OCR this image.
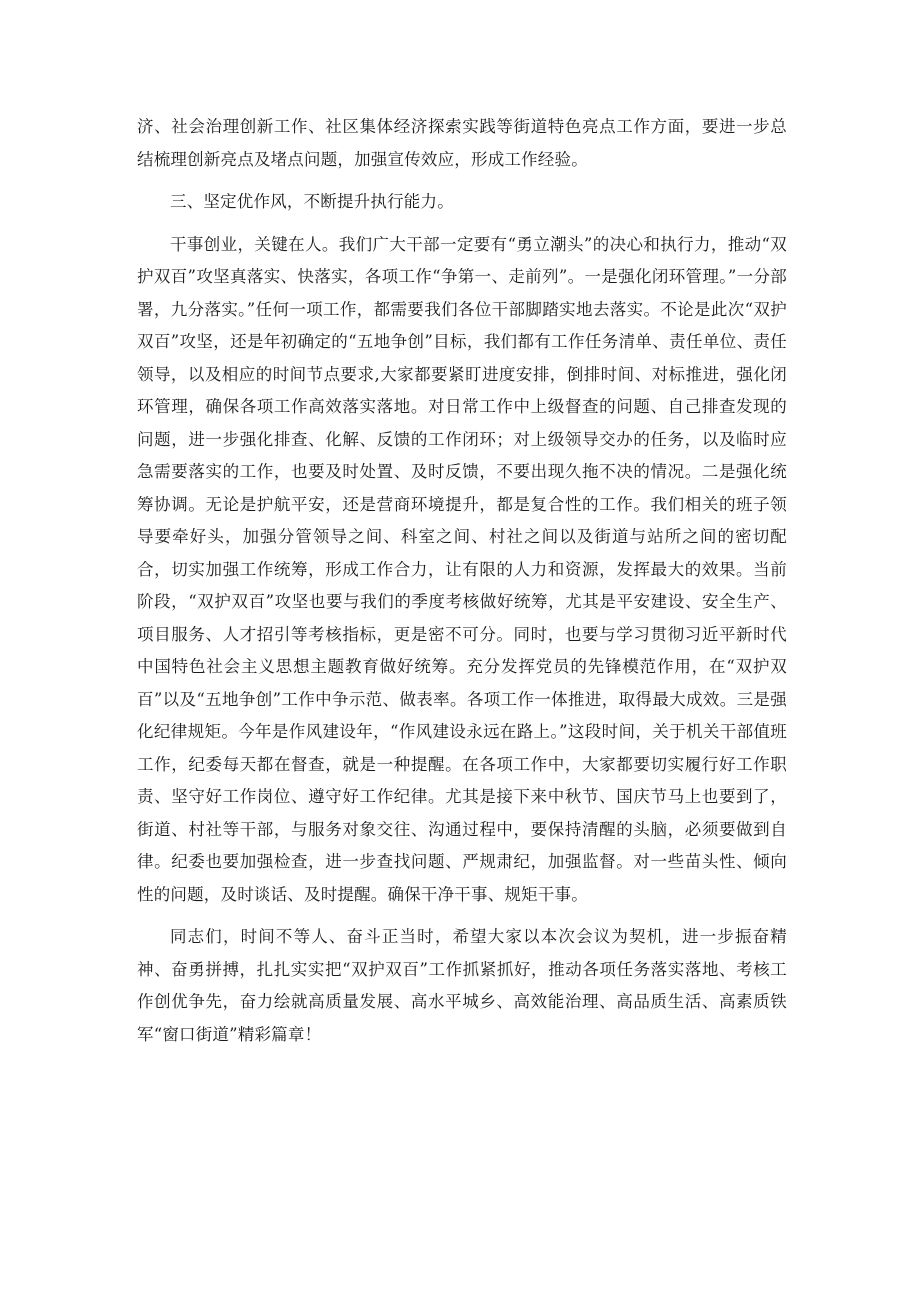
济、社会治理创新工作、社区集体经济探索实践等街道特色亮点工作方面，要进一步总结梳理创新亮点及堵点问题，加强宣传效应，形成工作经验。

三、坚定优作风，不断提升执行能力。

干事创业，关键在人。我们广大干部一定要有“勇立潮头”的决心和执行力，推动“双护双百”攻坚真落实、快落实，各项工作“争第一、走前列”。一是强化闭环管理。”一分部署，九分落实。”任何一项工作，都需要我们各位干部脚踏实地去落实。不论是此次“双护双百”攻坚，还是年初确定的“五地争创”目标，我们都有工作任务清单、责任单位、责任领导，以及相应的时间节点要求,大家都要紧盯进度安排，倒排时间、对标推进，强化闭环管理，确保各项工作高效落实落地。对日常工作中上级督查的问题、自己排查发现的问题，进一步强化排查、化解、反馈的工作闭环；对上级领导交办的任务，以及临时应急需要落实的工作，也要及时处置、及时反馈，不要出现久拖不决的情况。二是强化统筹协调。无论是护航平安，还是营商环境提升，都是复合性的工作。我们相关的班子领导要牵好头，加强分管领导之间、科室之间、村社之间以及街道与站所之间的密切配合，切实加强工作统筹，形成工作合力，让有限的人力和资源，发挥最大的效果。当前阶段，“双护双百”攻坚也要与我们的季度考核做好统筹，尤其是平安建设、安全生产、项目服务、人才招引等考核指标，更是密不可分。同时，也要与学习贯彻习近平新时代中国特色社会主义思想主题教育做好统筹。充分发挥党员的先锋模范作用，在“双护双百”以及“五地争创”工作中争示范、做表率。各项工作一体推进，取得最大成效。三是强化纪律规矩。今年是作风建设年，“作风建设永远在路上。”这段时间，关于机关干部值班工作，纪委每天都在督查，就是一种提醒。在各项工作中，大家都要切实履行好工作职责、坚守好工作岗位、遵守好工作纪律。尤其是接下来中秋节、国庆节马上也要到了，街道、村社等干部，与服务对象交往、沟通过程中，要保持清醒的头脑，必须要做到自律。纪委也要加强检查，进一步查找问题、严规肃纪，加强监督。对一些苗头性、倾向性的问题，及时谈话、及时提醒。确保干净干事、规矩干事。

同志们，时间不等人、奋斗正当时，希望大家以本次会议为契机，进一步振奋精神、奋勇拼搏，扎扎实实把“双护双百”工作抓紧抓好，推动各项任务落实落地、考核工作创优争先，奋力绘就高质量发展、高水平城乡、高效能治理、高品质生活、高素质铁军“窗口街道”精彩篇章！
